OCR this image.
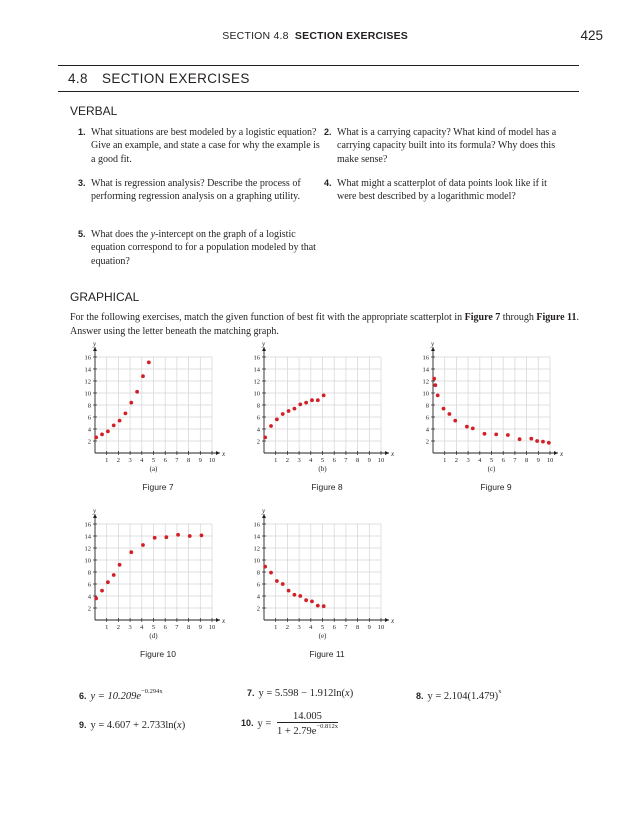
SECTION 4.8 SECTION EXERCISES	425
4.8 SECTION EXERCISES
VERBAL
1. What situations are best modeled by a logistic equation? Give an example, and state a case for why the example is a good fit.
2. What is a carrying capacity? What kind of model has a carrying capacity built into its formula? Why does this make sense?
3. What is regression analysis? Describe the process of performing regression analysis on a graphing utility.
4. What might a scatterplot of data points look like if it were best described by a logarithmic model?
5. What does the y-intercept on the graph of a logistic equation correspond to for a population modeled by that equation?
GRAPHICAL
For the following exercises, match the given function of best fit with the appropriate scatterplot in Figure 7 through Figure 11. Answer using the letter beneath the matching graph.
x
y
1 2 3 4 5 6 7 8 9 10
2
4
6
8
10
12
14
16
(a)
Figure 7
x
y
1 2 3 4 5 6 7 8 9 10
2
4
6
8
10
12
14
16
(b)
Figure 8
x
y
1 2 3 4 5 6 7 8 9 10
2
4
6
8
10
12
14
16
(c)
Figure 9
x
y
1 2 3 4 5 6 7 8 9 10
2
4
6
8
10
12
14
16
(d)
Figure 10
x
y
1 2 3 4 5 6 7 8 9 10
2
4
6
8
10
12
14
16
(e)
Figure 11
6. $y = 10.209e^{-0.294x}$	7. y = 5.598 − 1.912ln(x)	8. $y = 2.104(1.479)^x$
9. y = 4.607 + 2.733ln(x)	10. $y = \frac{14.005}{1 + 2.79e^{-0.812x}}$
